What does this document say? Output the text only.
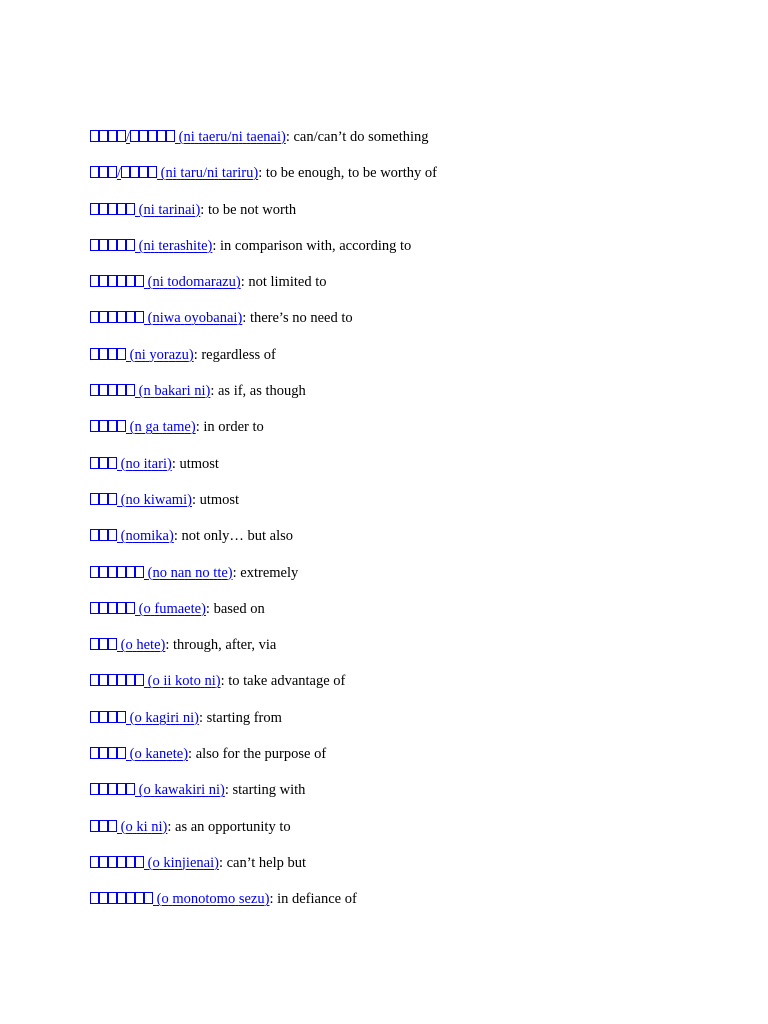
/	(ni taeru/ni taenai): can/can’t do something
/	(ni taru/ni tariru): to be enough, to be worthy of
(ni tarinai): to be not worth
(ni terashite): in comparison with, according to
(ni todomarazu): not limited to
(niwa oyobanai): there’s no need to
(ni yorazu): regardless of
(n bakari ni): as if, as though
(n ga tame): in order to
(no itari): utmost
(no kiwami): utmost
(nomika): not only… but also
(no nan no tte): extremely
(o fumaete): based on
(o hete): through, after, via
(o ii koto ni): to take advantage of
(o kagiri ni): starting from
(o kanete): also for the purpose of
(o kawakiri ni): starting with
(o ki ni): as an opportunity to
(o kinjienai): can’t help but
(o monotomo sezu): in defiance of
